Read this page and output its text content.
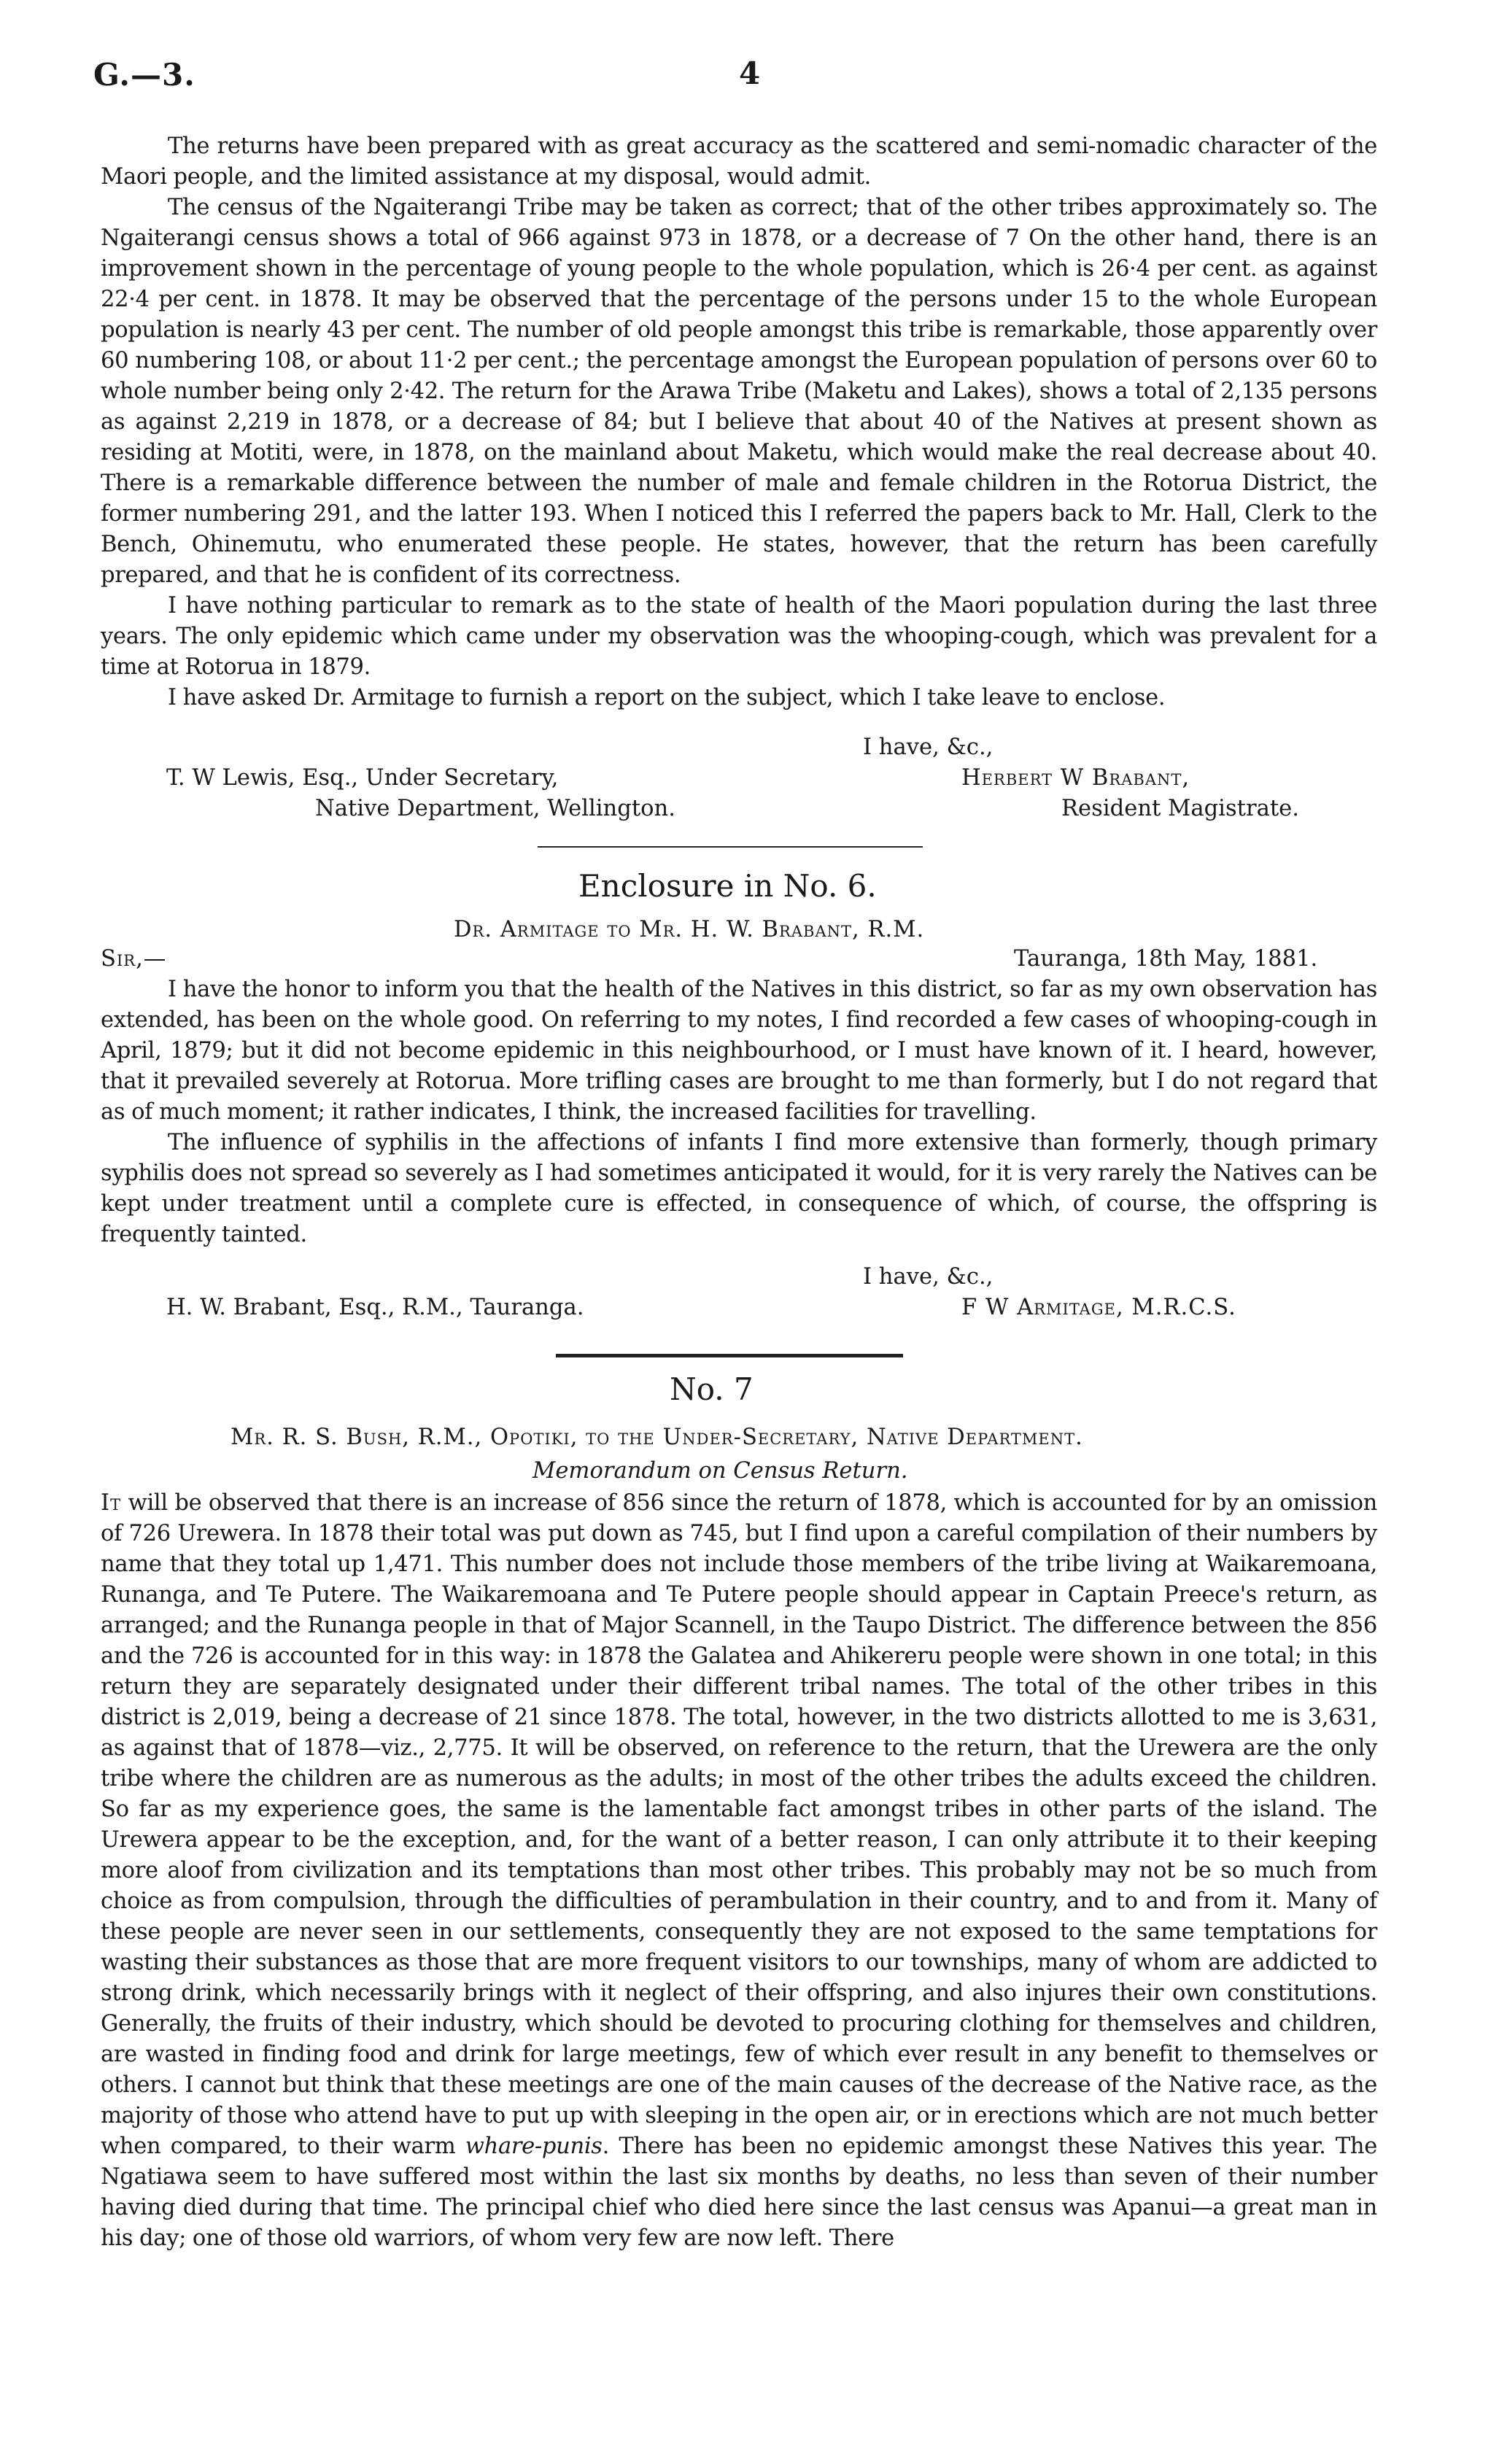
G.—3.	4

The returns have been prepared with as great accuracy as the scattered and semi-nomadic character of the Maori people, and the limited assistance at my disposal, would admit.

The census of the Ngaiterangi Tribe may be taken as correct; that of the other tribes approximately so. The Ngaiterangi census shows a total of 966 against 973 in 1878, or a decrease of 7 On the other hand, there is an improvement shown in the percentage of young people to the whole population, which is 26·4 per cent. as against 22·4 per cent. in 1878. It may be observed that the percentage of the persons under 15 to the whole European population is nearly 43 per cent. The number of old people amongst this tribe is remarkable, those apparently over 60 numbering 108, or about 11·2 per cent.; the percentage amongst the European population of persons over 60 to whole number being only 2·42. The return for the Arawa Tribe (Maketu and Lakes), shows a total of 2,135 persons as against 2,219 in 1878, or a decrease of 84; but I believe that about 40 of the Natives at present shown as residing at Motiti, were, in 1878, on the mainland about Maketu, which would make the real decrease about 40. There is a remarkable difference between the number of male and female children in the Rotorua District, the former numbering 291, and the latter 193. When I noticed this I referred the papers back to Mr. Hall, Clerk to the Bench, Ohinemutu, who enumerated these people. He states, however, that the return has been carefully prepared, and that he is confident of its correctness.

I have nothing particular to remark as to the state of health of the Maori population during the last three years. The only epidemic which came under my observation was the whooping-cough, which was prevalent for a time at Rotorua in 1879.

I have asked Dr. Armitage to furnish a report on the subject, which I take leave to enclose.

I have, &c.,
T. W Lewis, Esq., Under Secretary,	Herbert W Brabant,
Native Department, Wellington.	Resident Magistrate.
Enclosure in No. 6.
Dr. Armitage to Mr. H. W. Brabant, R.M.
Sir,—	Tauranga, 18th May, 1881.

I have the honor to inform you that the health of the Natives in this district, so far as my own observation has extended, has been on the whole good. On referring to my notes, I find recorded a few cases of whooping-cough in April, 1879; but it did not become epidemic in this neighbourhood, or I must have known of it. I heard, however, that it prevailed severely at Rotorua. More trifling cases are brought to me than formerly, but I do not regard that as of much moment; it rather indicates, I think, the increased facilities for travelling.

The influence of syphilis in the affections of infants I find more extensive than formerly, though primary syphilis does not spread so severely as I had sometimes anticipated it would, for it is very rarely the Natives can be kept under treatment until a complete cure is effected, in consequence of which, of course, the offspring is frequently tainted.

I have, &c.,
H. W. Brabant, Esq., R.M., Tauranga.	F W Armitage, M.R.C.S.
No. 7
Mr. R. S. Bush, R.M., Opotiki, to the Under-Secretary, Native Department.
Memorandum on Census Return.

It will be observed that there is an increase of 856 since the return of 1878, which is accounted for by an omission of 726 Urewera. In 1878 their total was put down as 745, but I find upon a careful compilation of their numbers by name that they total up 1,471. This number does not include those members of the tribe living at Waikaremoana, Runanga, and Te Putere. The Waikaremoana and Te Putere people should appear in Captain Preece's return, as arranged; and the Runanga people in that of Major Scannell, in the Taupo District. The difference between the 856 and the 726 is accounted for in this way: in 1878 the Galatea and Ahikereru people were shown in one total; in this return they are separately designated under their different tribal names. The total of the other tribes in this district is 2,019, being a decrease of 21 since 1878. The total, however, in the two districts allotted to me is 3,631, as against that of 1878—viz., 2,775. It will be observed, on reference to the return, that the Urewera are the only tribe where the children are as numerous as the adults; in most of the other tribes the adults exceed the children. So far as my experience goes, the same is the lamentable fact amongst tribes in other parts of the island. The Urewera appear to be the exception, and, for the want of a better reason, I can only attribute it to their keeping more aloof from civilization and its temptations than most other tribes. This probably may not be so much from choice as from compulsion, through the difficulties of perambulation in their country, and to and from it. Many of these people are never seen in our settlements, consequently they are not exposed to the same temptations for wasting their substances as those that are more frequent visitors to our townships, many of whom are addicted to strong drink, which necessarily brings with it neglect of their offspring, and also injures their own constitutions. Generally, the fruits of their industry, which should be devoted to procuring clothing for themselves and children, are wasted in finding food and drink for large meetings, few of which ever result in any benefit to themselves or others. I cannot but think that these meetings are one of the main causes of the decrease of the Native race, as the majority of those who attend have to put up with sleeping in the open air, or in erections which are not much better when compared, to their warm whare-punis. There has been no epidemic amongst these Natives this year. The Ngatiawa seem to have suffered most within the last six months by deaths, no less than seven of their number having died during that time. The principal chief who died here since the last census was Apanui—a great man in his day; one of those old warriors, of whom very few are now left. There
